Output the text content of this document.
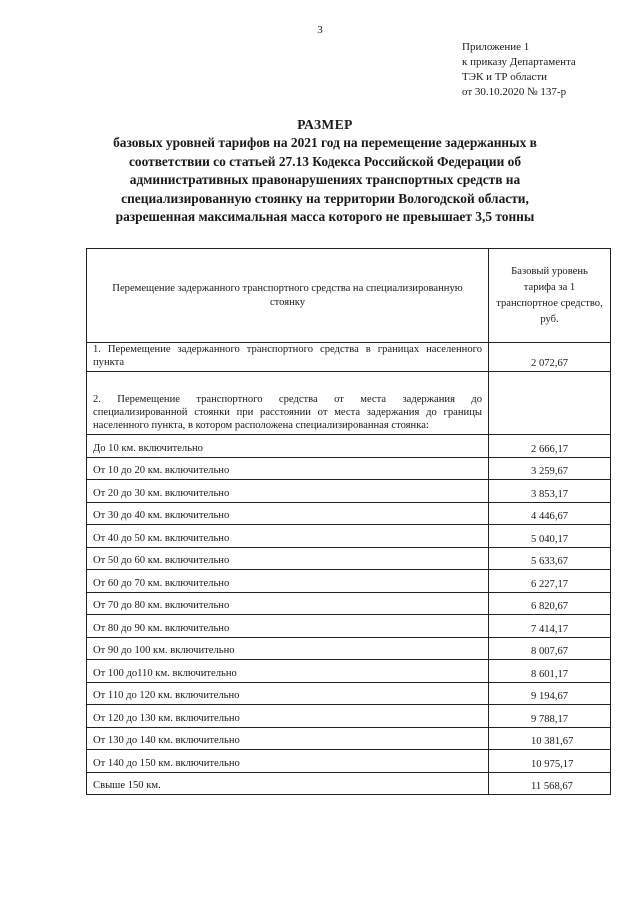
3
Приложение 1
к приказу Департамента
ТЭК и ТР области
от 30.10.2020 № 137-р
РАЗМЕР
базовых уровней тарифов на 2021 год на перемещение задержанных в
соответствии со статьей 27.13 Кодекса Российской Федерации об
административных правонарушениях транспортных средств на
специализированную стоянку на территории Вологодской области,
разрешенная максимальная масса которого не превышает 3,5 тонны
Перемещение задержанного транспортного средства на специализированную стоянку	Базовый уровень
тарифа за 1
транспортное средство,
руб.

1. Перемещение задержанного транспортного средства в границах населенного пункта	2 072,67
2. Перемещение транспортного средства от места задержания до специализированной стоянки при расстоянии от места задержания до границы населенного пункта, в котором расположена специализированная стоянка:	
До 10 км. включительно	2 666,17
От 10 до 20 км. включительно	3 259,67
От 20 до 30 км. включительно	3 853,17
От 30 до 40 км. включительно	4 446,67
От 40 до 50 км. включительно	5 040,17
От 50 до 60 км. включительно	5 633,67
От 60 до 70 км. включительно	6 227,17
От 70 до 80 км. включительно	6 820,67
От 80 до 90 км. включительно	7 414,17
От 90 до 100 км. включительно	8 007,67
От 100 до110 км. включительно	8 601,17
От 110 до 120 км. включительно	9 194,67
От 120 до 130 км. включительно	9 788,17
От 130 до 140 км. включительно	10 381,67
От 140 до 150 км. включительно	10 975,17
Свыше 150 км.	11 568,67
